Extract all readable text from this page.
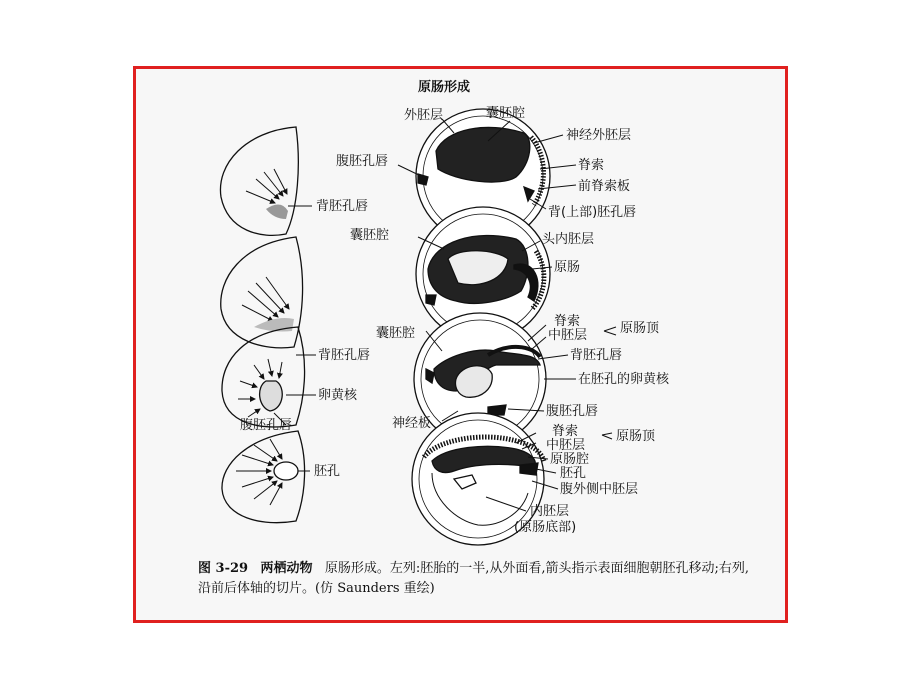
原肠形成
背胚孔唇
背胚孔唇
卵黄核
腹胚孔唇
胚孔
外胚层	囊胚腔
神经外胚层
腹胚孔唇	脊索
前脊索板
背(上部)胚孔唇
囊胚腔	头内胚层
原肠
囊胚腔
脊索
中胚层	原肠顶
背胚孔唇
在胚孔的卵黄核
腹胚孔唇
神经板
脊索
中胚层
原肠顶
原肠腔
胚孔
腹外侧中胚层
内胚层
(原肠底部)
图 3-29 两栖动物 原肠形成。左列:胚胎的一半,从外面看,箭头指示表面细胞朝胚孔移动;右列,沿前后体轴的切片。(仿 Saunders 重绘)
